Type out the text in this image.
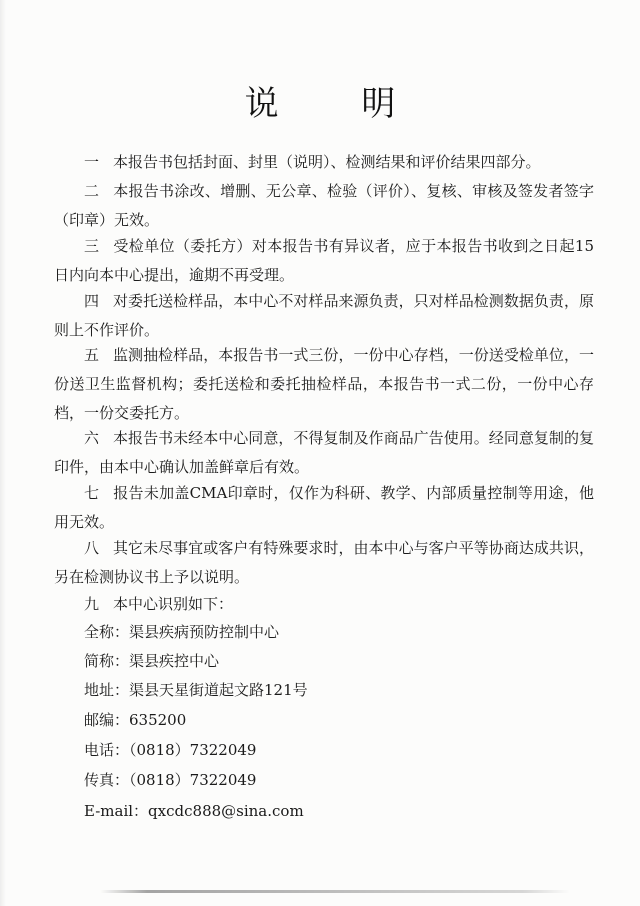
说 明

一 本报告书包括封面、封里（说明）、检测结果和评价结果四部分。

二 本报告书涂改、增删、无公章、检验（评价）、复核、审核及签发者签字（印章）无效。

三 受检单位（委托方）对本报告书有异议者，应于本报告书收到之日起15日内向本中心提出，逾期不再受理。

四 对委托送检样品，本中心不对样品来源负责，只对样品检测数据负责，原则上不作评价。

五 监测抽检样品，本报告书一式三份，一份中心存档，一份送受检单位，一份送卫生监督机构；委托送检和委托抽检样品，本报告书一式二份，一份中心存档，一份交委托方。

六 本报告书未经本中心同意，不得复制及作商品广告使用。经同意复制的复印件，由本中心确认加盖鲜章后有效。

七 报告未加盖CMA印章时，仅作为科研、教学、内部质量控制等用途，他用无效。

八 其它未尽事宜或客户有特殊要求时，由本中心与客户平等协商达成共识，另在检测协议书上予以说明。

九 本中心识别如下：
全称：渠县疾病预防控制中心
简称：渠县疾控中心
地址：渠县天星街道起文路121号
邮编：635200
电话：（0818）7322049
传真：（0818）7322049
E-mail：qxcdc888@sina.com
